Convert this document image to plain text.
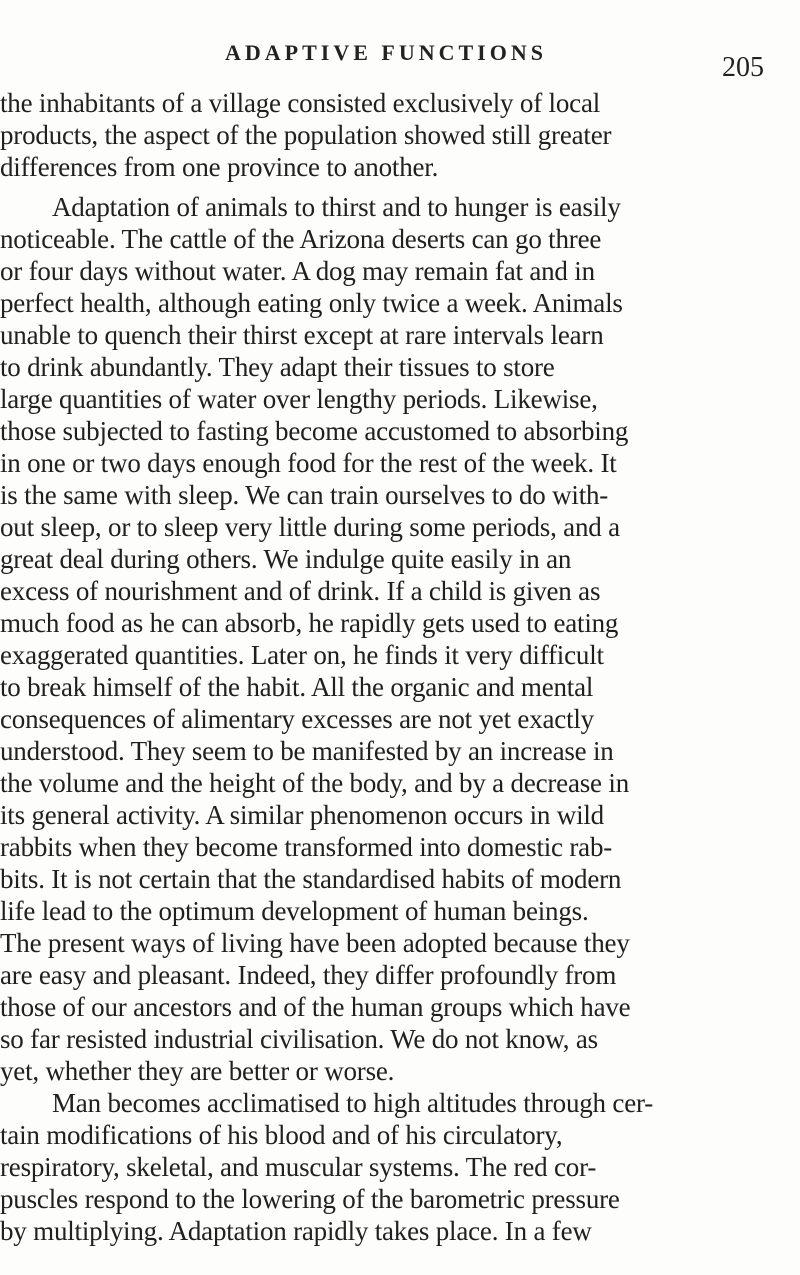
ADAPTIVE FUNCTIONS	205
the inhabitants of a village consisted exclusively of local
products, the aspect of the population showed still greater
differences from one province to another.
Adaptation of animals to thirst and to hunger is easily
noticeable. The cattle of the Arizona deserts can go three
or four days without water. A dog may remain fat and in
perfect health, although eating only twice a week. Animals
unable to quench their thirst except at rare intervals learn
to drink abundantly. They adapt their tissues to store
large quantities of water over lengthy periods. Likewise,
those subjected to fasting become accustomed to absorbing
in one or two days enough food for the rest of the week. It
is the same with sleep. We can train ourselves to do with-
out sleep, or to sleep very little during some periods, and a
great deal during others. We indulge quite easily in an
excess of nourishment and of drink. If a child is given as
much food as he can absorb, he rapidly gets used to eating
exaggerated quantities. Later on, he finds it very difficult
to break himself of the habit. All the organic and mental
consequences of alimentary excesses are not yet exactly
understood. They seem to be manifested by an increase in
the volume and the height of the body, and by a decrease in
its general activity. A similar phenomenon occurs in wild
rabbits when they become transformed into domestic rab-
bits. It is not certain that the standardised habits of modern
life lead to the optimum development of human beings.
The present ways of living have been adopted because they
are easy and pleasant. Indeed, they differ profoundly from
those of our ancestors and of the human groups which have
so far resisted industrial civilisation. We do not know, as
yet, whether they are better or worse.
Man becomes acclimatised to high altitudes through cer-
tain modifications of his blood and of his circulatory,
respiratory, skeletal, and muscular systems. The red cor-
puscles respond to the lowering of the barometric pressure
by multiplying. Adaptation rapidly takes place. In a few
